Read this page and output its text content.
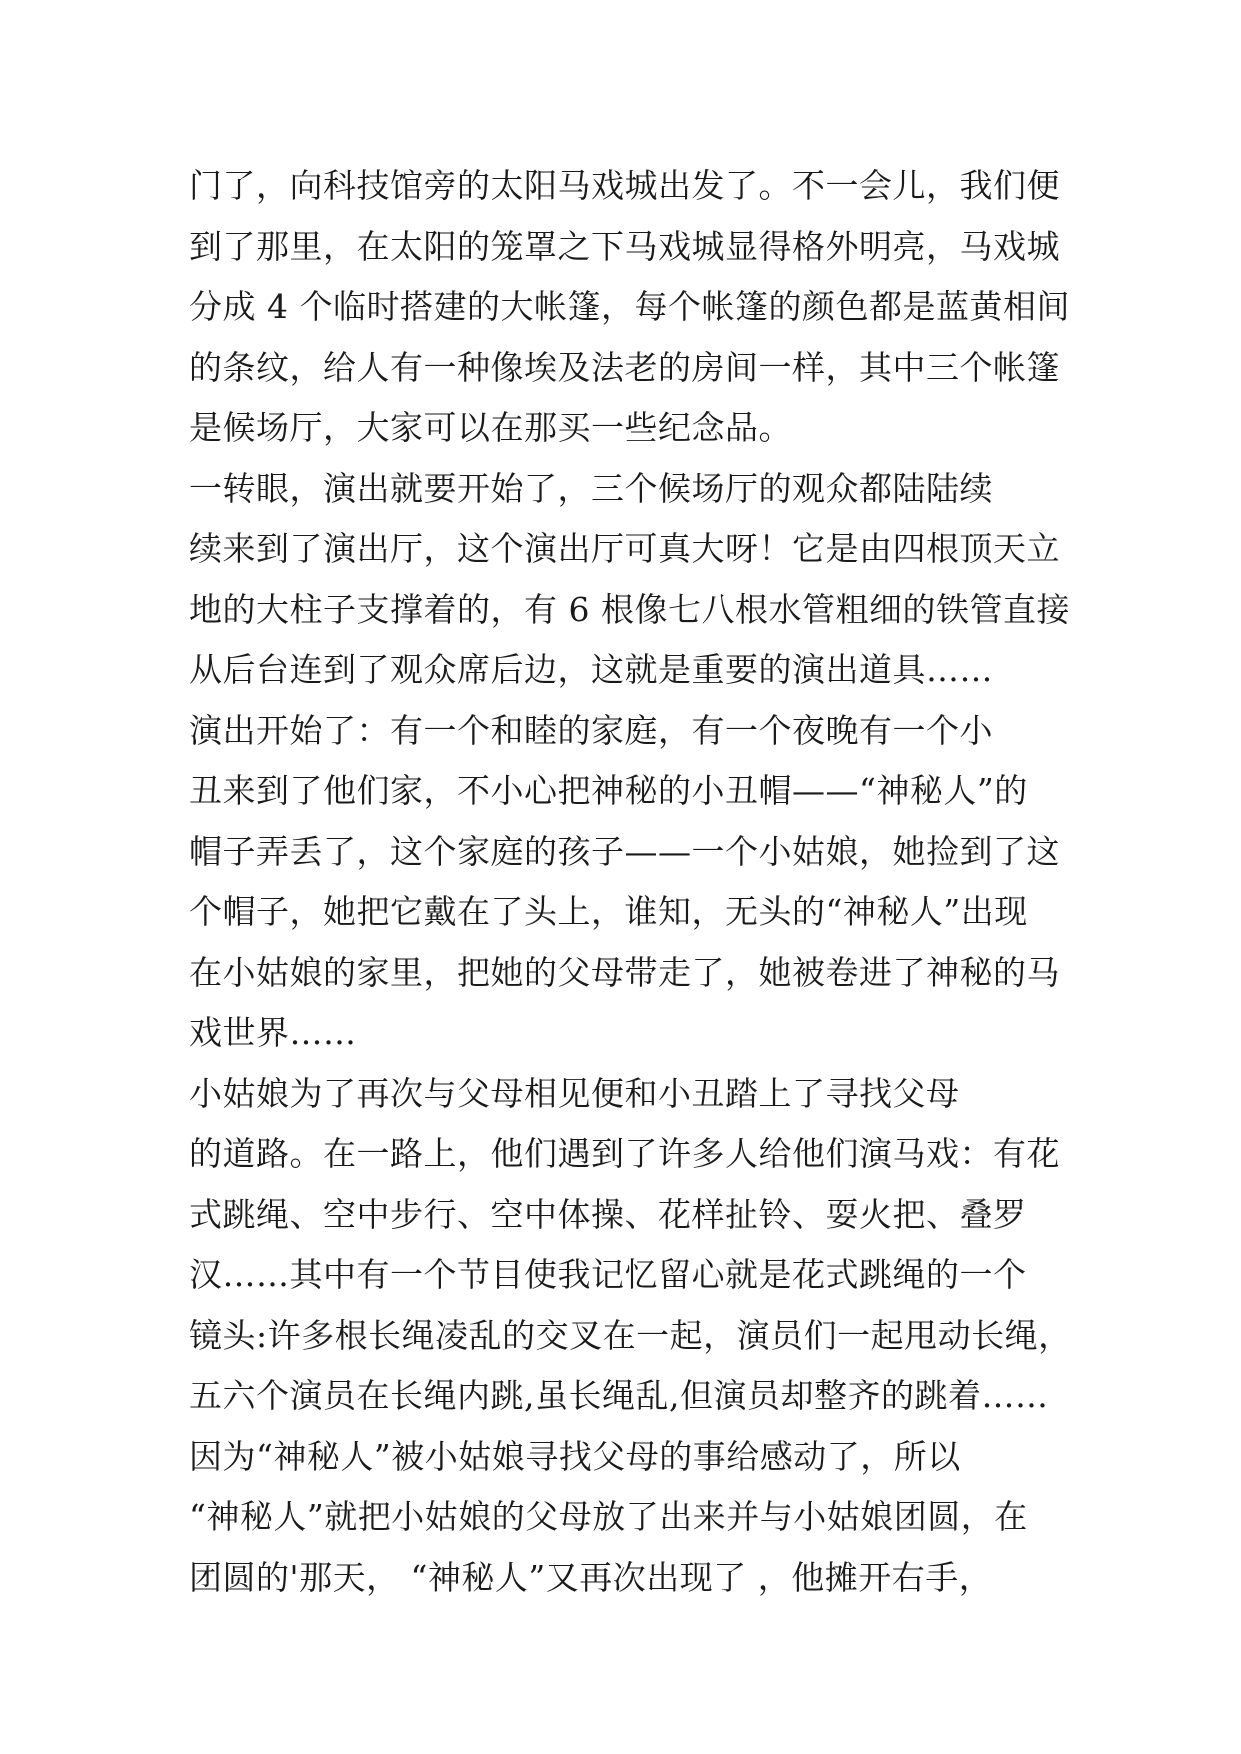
门了，向科技馆旁的太阳马戏城出发了。不一会儿，我们便
到了那里，在太阳的笼罩之下马戏城显得格外明亮，马戏城
分成 4 个临时搭建的大帐篷，每个帐篷的颜色都是蓝黄相间
的条纹，给人有一种像埃及法老的房间一样，其中三个帐篷
是候场厅，大家可以在那买一些纪念品。
一转眼，演出就要开始了，三个候场厅的观众都陆陆续
续来到了演出厅，这个演出厅可真大呀！它是由四根顶天立
地的大柱子支撑着的，有 6 根像七八根水管粗细的铁管直接
从后台连到了观众席后边，这就是重要的演出道具……
演出开始了：有一个和睦的家庭，有一个夜晚有一个小
丑来到了他们家，不小心把神秘的小丑帽——“神秘人”的
帽子弄丢了，这个家庭的孩子——一个小姑娘，她捡到了这
个帽子，她把它戴在了头上，谁知，无头的“神秘人”出现
在小姑娘的家里，把她的父母带走了，她被卷进了神秘的马
戏世界……
小姑娘为了再次与父母相见便和小丑踏上了寻找父母
的道路。在一路上，他们遇到了许多人给他们演马戏：有花
式跳绳、空中步行、空中体操、花样扯铃、耍火把、叠罗
汉……其中有一个节目使我记忆留心就是花式跳绳的一个
镜头:许多根长绳凌乱的交叉在一起，演员们一起甩动长绳，
五六个演员在长绳内跳,虽长绳乱,但演员却整齐的跳着……
因为“神秘人”被小姑娘寻找父母的事给感动了，所以
“神秘人”就把小姑娘的父母放了出来并与小姑娘团圆，在
团圆的'那天， “神秘人”又再次出现了 ，他摊开右手，
